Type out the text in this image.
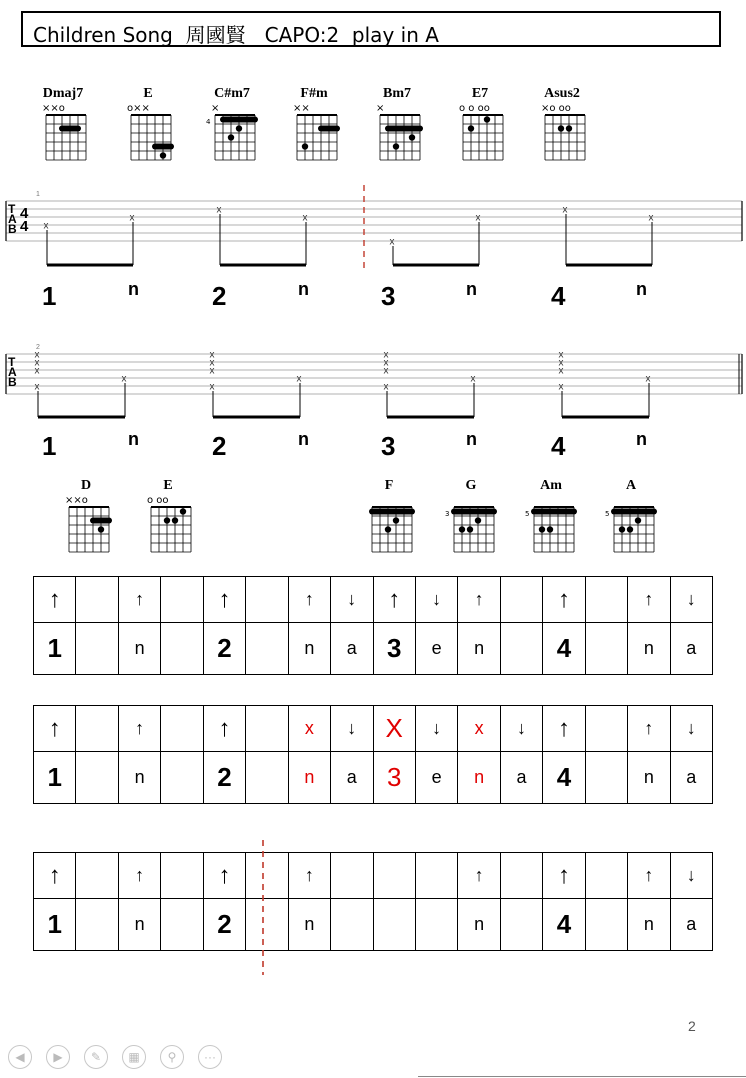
Children Song  周國賢   CAPO:2  play in A
Dmaj7
××o
E
o××
C#m7
×
4
F#m
××
Bm7
×
E7
o o oo
Asus2
×o oo
D
××o
E
o oo
F	G
3
Am
5
A
5
1
T
A
B
4
4 x
x
x
x
x
x
x
x
2
T
A
B
x
x
x
x
x
x
x
x
x
x
x
x
x
x
x
x
x
x
x
x
1	n	2	n	3	n	4	n
1	n	2	n	3	n	4	n
↑		↑		↑		↑	↓	↑	↓	↑		↑		↑	↓
1		n		2		n	a	3	e	n		4		n	a
↑		↑		↑		x	↓	X	↓	x	↓	↑		↑	↓
1		n		2		n	a	3	e	n	a	4		n	a
↑		↑		↑		↑				↑		↑		↑	↓
1		n		2		n				n		4		n	a
2
◀	▶	✎	▦	⚲	···
